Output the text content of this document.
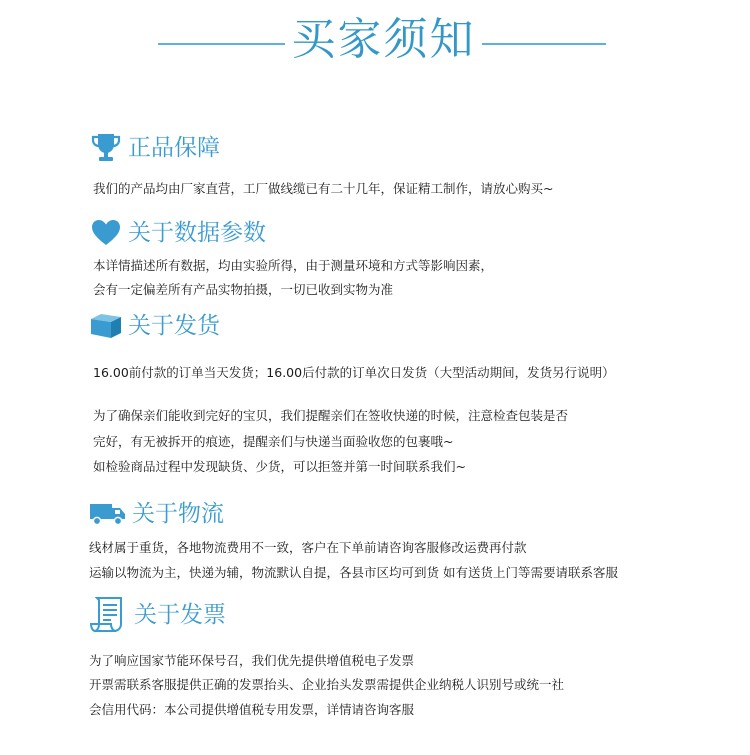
买家须知
正品保障
我们的产品均由厂家直营，工厂做线缆已有二十几年，保证精工制作，请放心购买~
关于数据参数
本详情描述所有数据，均由实验所得，由于测量环境和方式等影响因素，
会有一定偏差所有产品实物拍摄，一切已收到实物为准
关于发货
16.00前付款的订单当天发货；16.00后付款的订单次日发货（大型活动期间，发货另行说明）
为了确保亲们能收到完好的宝贝，我们提醒亲们在签收快递的时候，注意检查包装是否
完好，有无被拆开的痕迹，提醒亲们与快递当面验收您的包裹哦~
如检验商品过程中发现缺货、少货，可以拒签并第一时间联系我们~
关于物流
线材属于重货，各地物流费用不一致，客户在下单前请咨询客服修改运费再付款
运输以物流为主，快递为辅，物流默认自提，各县市区均可到货 如有送货上门等需要请联系客服
关于发票
为了响应国家节能环保号召，我们优先提供增值税电子发票
开票需联系客服提供正确的发票抬头、企业抬头发票需提供企业纳税人识别号或统一社
会信用代码：本公司提供增值税专用发票，详情请咨询客服
